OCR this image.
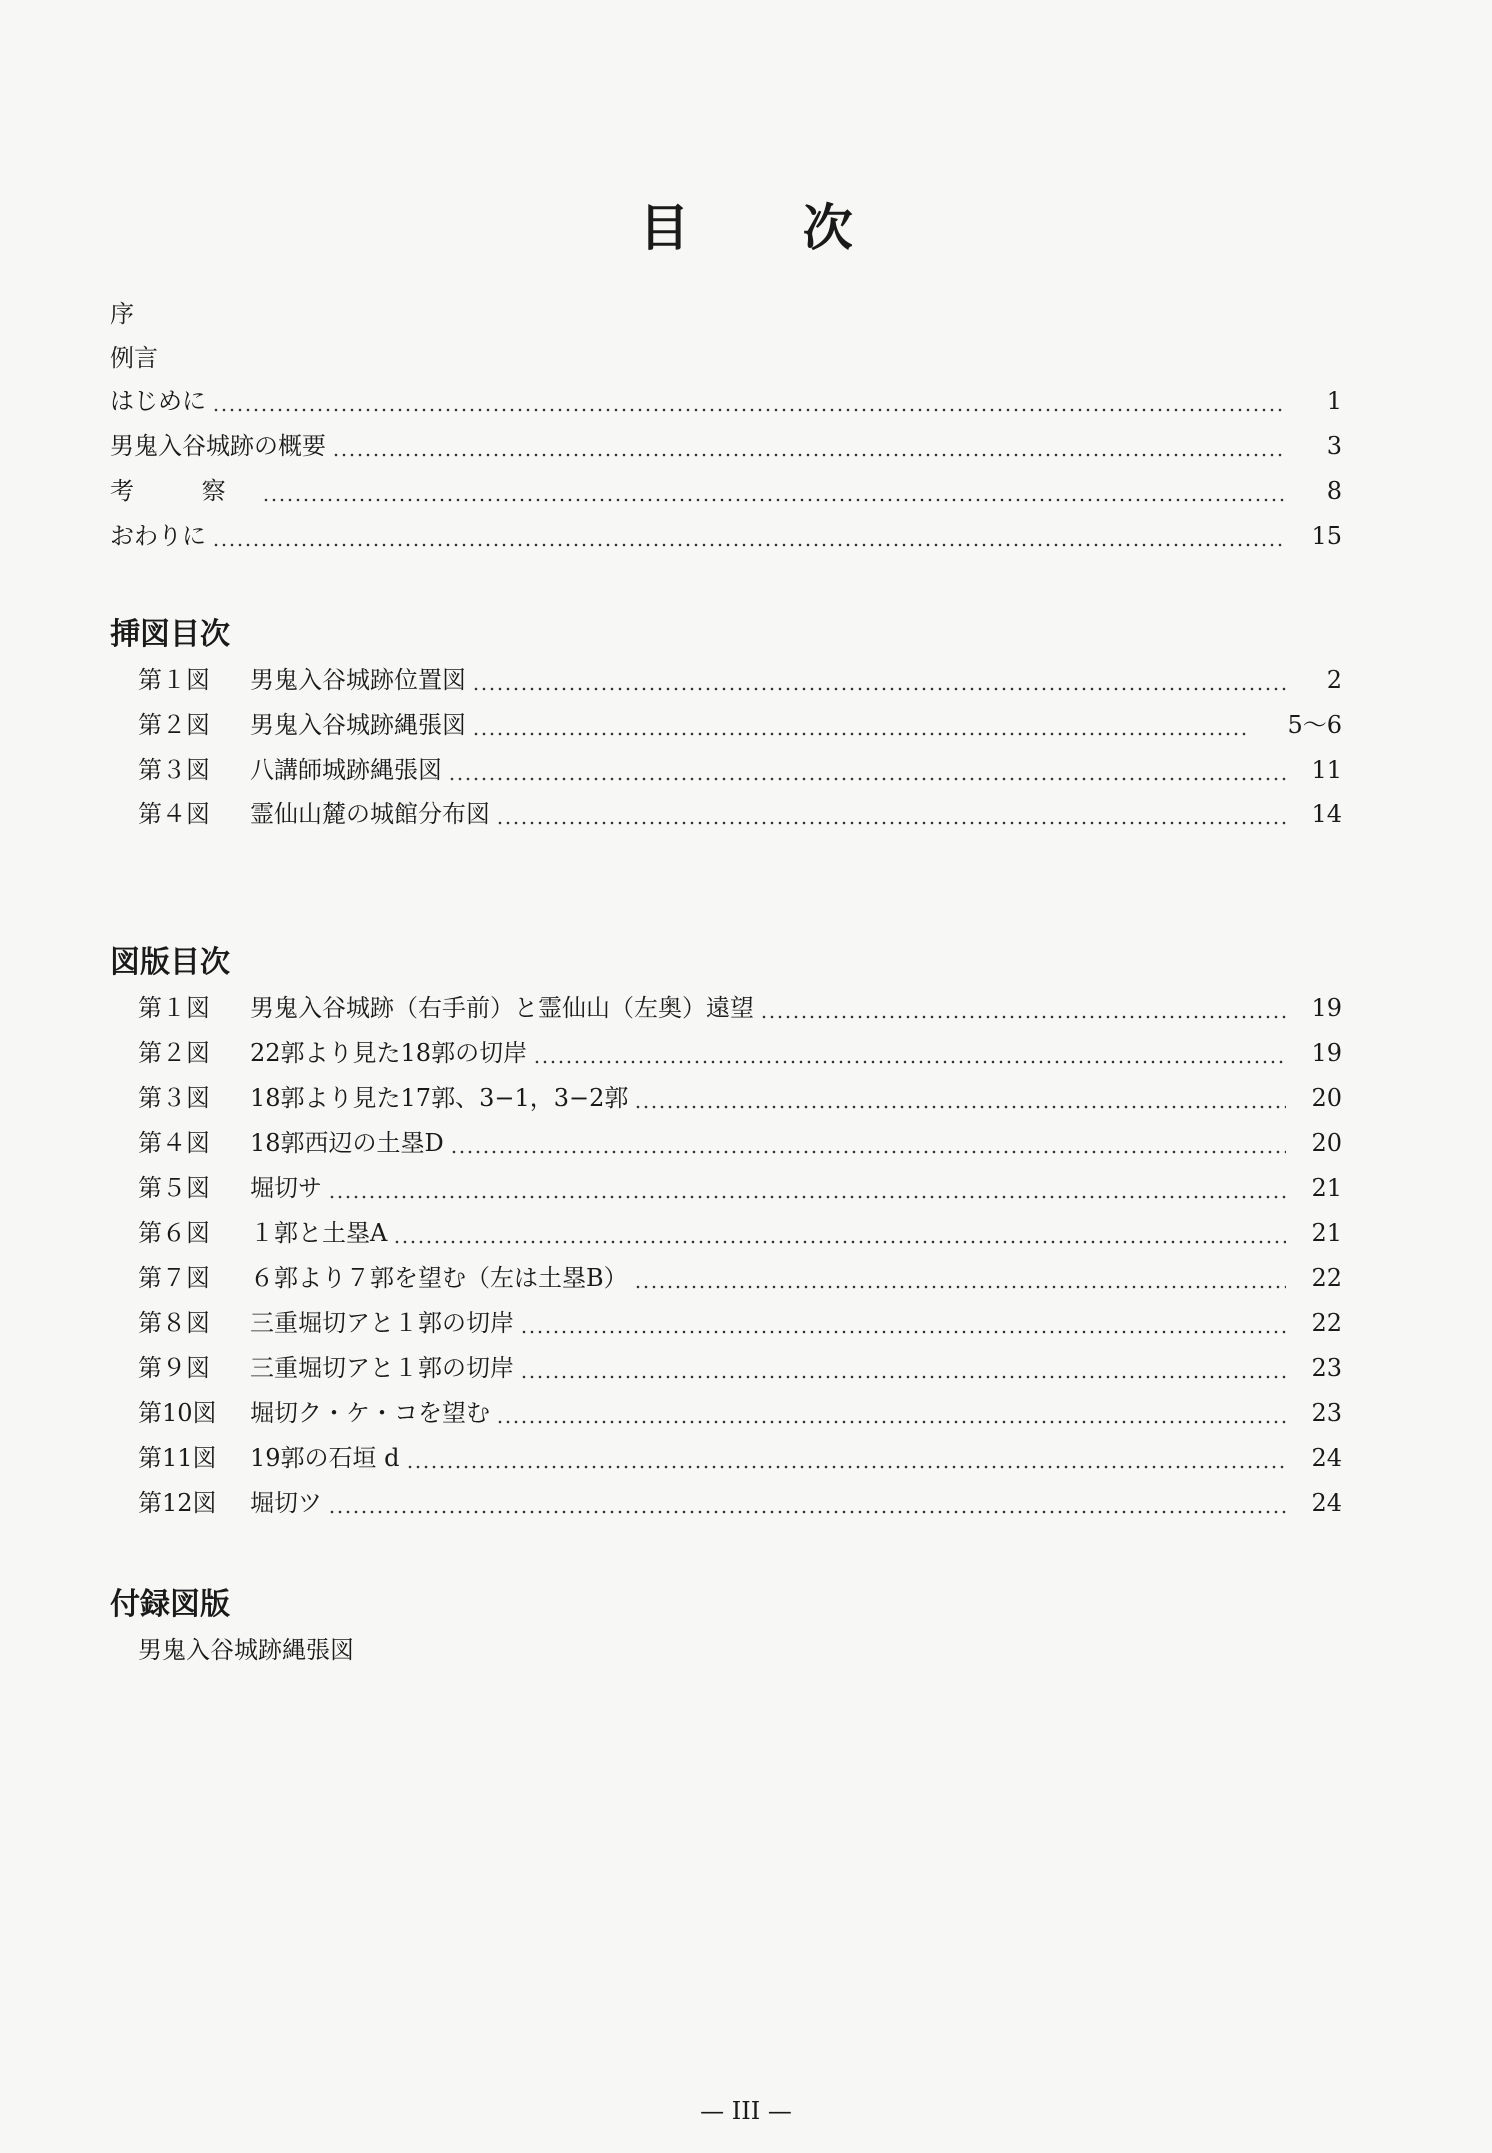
目 次
序
例言
はじめに	1
男鬼入谷城跡の概要	3
考 察	8
おわりに	15
挿図目次
第１図	男鬼入谷城跡位置図	2
第２図	男鬼入谷城跡縄張図	5〜6
第３図	八講師城跡縄張図	11
第４図	霊仙山麓の城館分布図	14
図版目次
第１図	男鬼入谷城跡（右手前）と霊仙山（左奥）遠望	19
第２図	22郭より見た18郭の切岸	19
第３図	18郭より見た17郭、3−1，3−2郭	20
第４図	18郭西辺の土塁D	20
第５図	堀切サ	21
第６図	１郭と土塁A	21
第７図	６郭より７郭を望む（左は土塁B）	22
第８図	三重堀切アと１郭の切岸	22
第９図	三重堀切アと１郭の切岸	23
第10図	堀切ク・ケ・コを望む	23
第11図	19郭の石垣 d	24
第12図	堀切ツ	24
付録図版
男鬼入谷城跡縄張図
— III —
